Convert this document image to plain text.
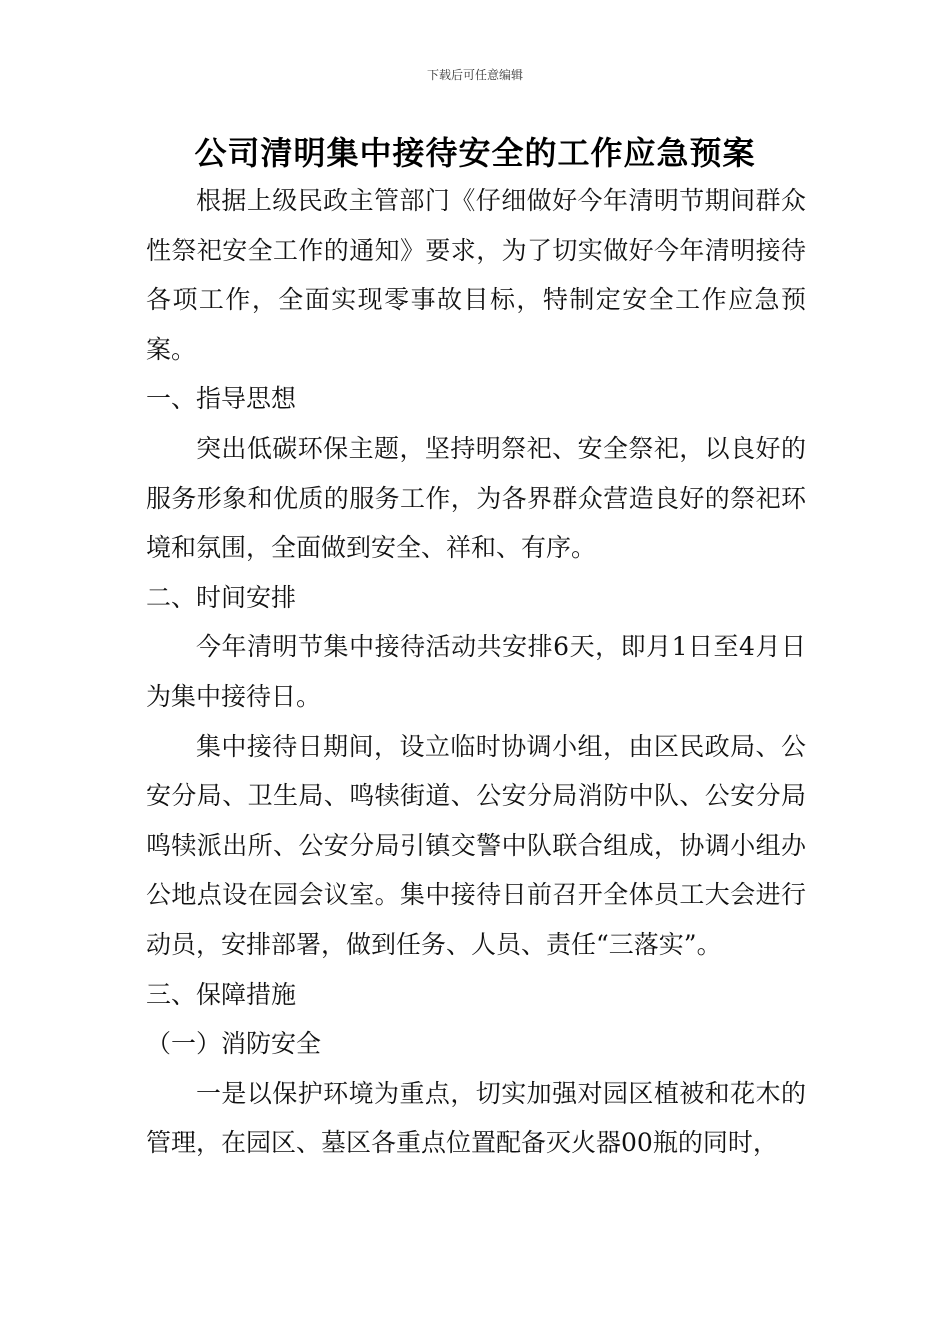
下载后可任意编辑
公司清明集中接待安全的工作应急预案

根据上级民政主管部门《仔细做好今年清明节期间群众性祭祀安全工作的通知》要求，为了切实做好今年清明接待各项工作，全面实现零事故目标，特制定安全工作应急预案。

一、指导思想

突出低碳环保主题，坚持明祭祀、安全祭祀，以良好的服务形象和优质的服务工作，为各界群众营造良好的祭祀环境和氛围，全面做到安全、祥和、有序。

二、时间安排

今年清明节集中接待活动共安排6天，即月1日至4月日为集中接待日。

集中接待日期间，设立临时协调小组，由区民政局、公安分局、卫生局、鸣犊街道、公安分局消防中队、公安分局鸣犊派出所、公安分局引镇交警中队联合组成，协调小组办公地点设在园会议室。集中接待日前召开全体员工大会进行动员，安排部署，做到任务、人员、责任“三落实”。

三、保障措施

（一）消防安全

一是以保护环境为重点，切实加强对园区植被和花木的管理，在园区、墓区各重点位置配备灭火器00瓶的同时，
